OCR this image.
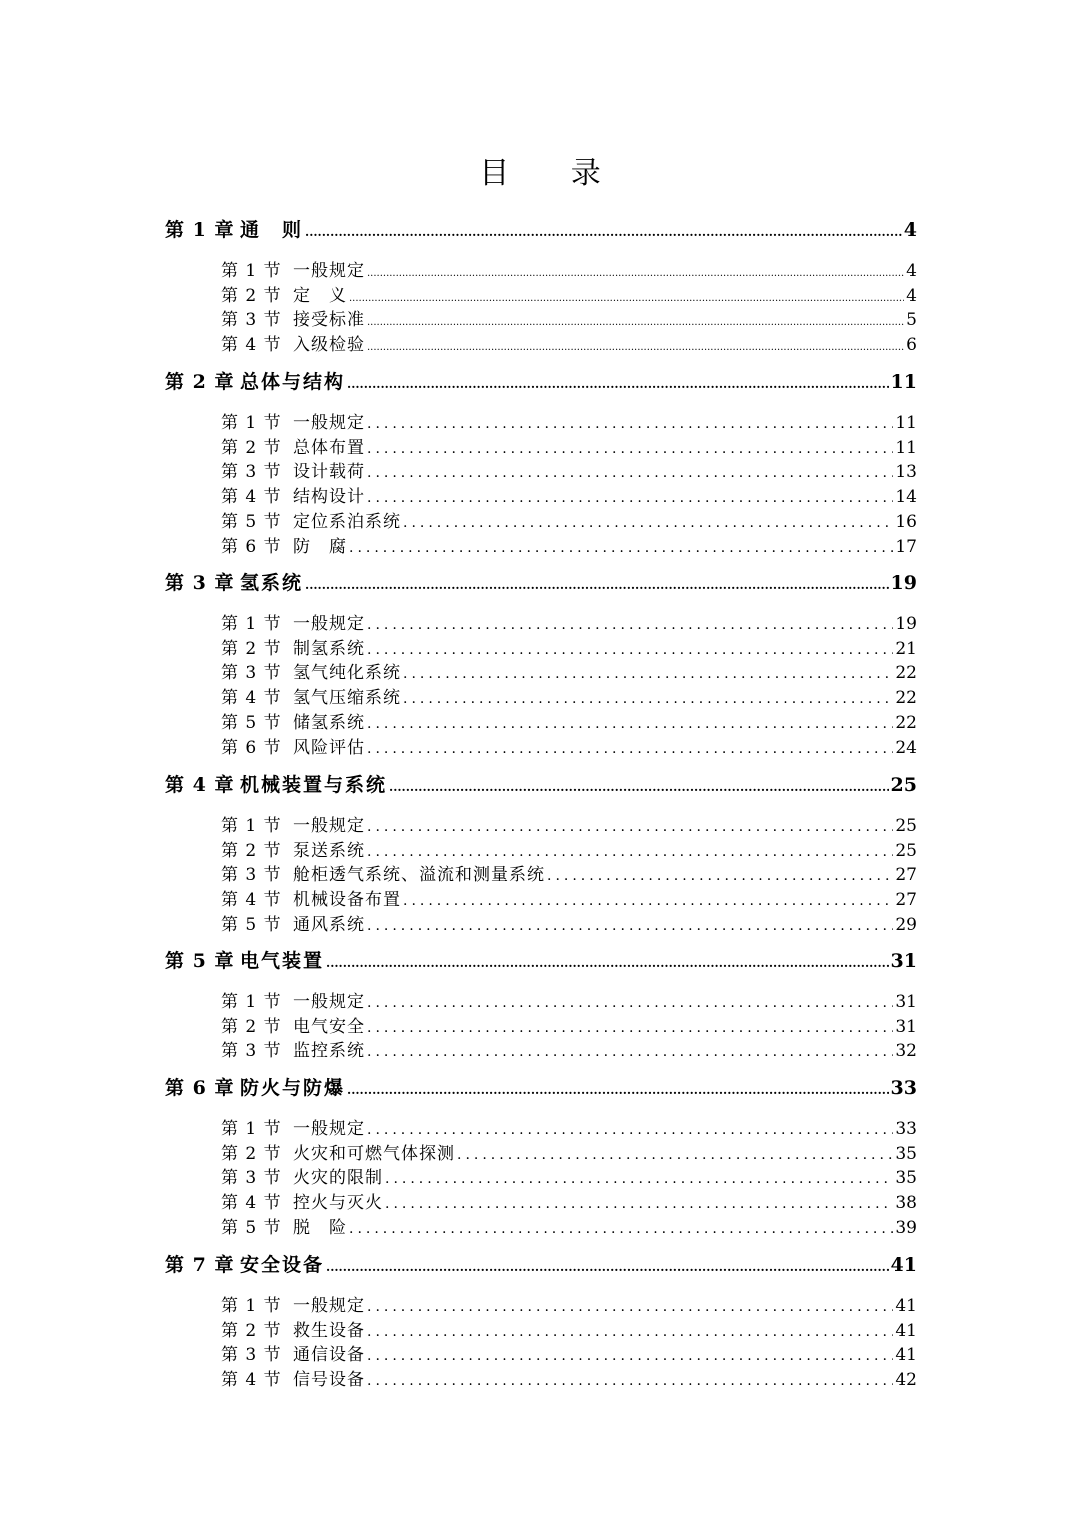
目 录
第 1 章 通　则 .....	4
第 1 节 一般规定 .....	4
第 2 节 定　义 .....	4
第 3 节 接受标准 .....	5
第 4 节 入级检验 .....	6
第 2 章 总体与结构 .....	11
第 1 节 一般规定 .....	11
第 2 节 总体布置 .....	11
第 3 节 设计载荷 .....	13
第 4 节 结构设计 .....	14
第 5 节 定位系泊系统 .....	16
第 6 节 防　腐 .....	17
第 3 章 氢系统 .....	19
第 1 节 一般规定 .....	19
第 2 节 制氢系统 .....	21
第 3 节 氢气纯化系统 .....	22
第 4 节 氢气压缩系统 .....	22
第 5 节 储氢系统 .....	22
第 6 节 风险评估 .....	24
第 4 章 机械装置与系统 .....	25
第 1 节 一般规定 .....	25
第 2 节 泵送系统 .....	25
第 3 节 舱柜透气系统、溢流和测量系统 .....	27
第 4 节 机械设备布置 .....	27
第 5 节 通风系统 .....	29
第 5 章 电气装置 .....	31
第 1 节 一般规定 .....	31
第 2 节 电气安全 .....	31
第 3 节 监控系统 .....	32
第 6 章 防火与防爆 .....	33
第 1 节 一般规定 .....	33
第 2 节 火灾和可燃气体探测 .....	35
第 3 节 火灾的限制 .....	35
第 4 节 控火与灭火 .....	38
第 5 节 脱　险 .....	39
第 7 章 安全设备 .....	41
第 1 节 一般规定 .....	41
第 2 节 救生设备 .....	41
第 3 节 通信设备 .....	41
第 4 节 信号设备 .....	42
